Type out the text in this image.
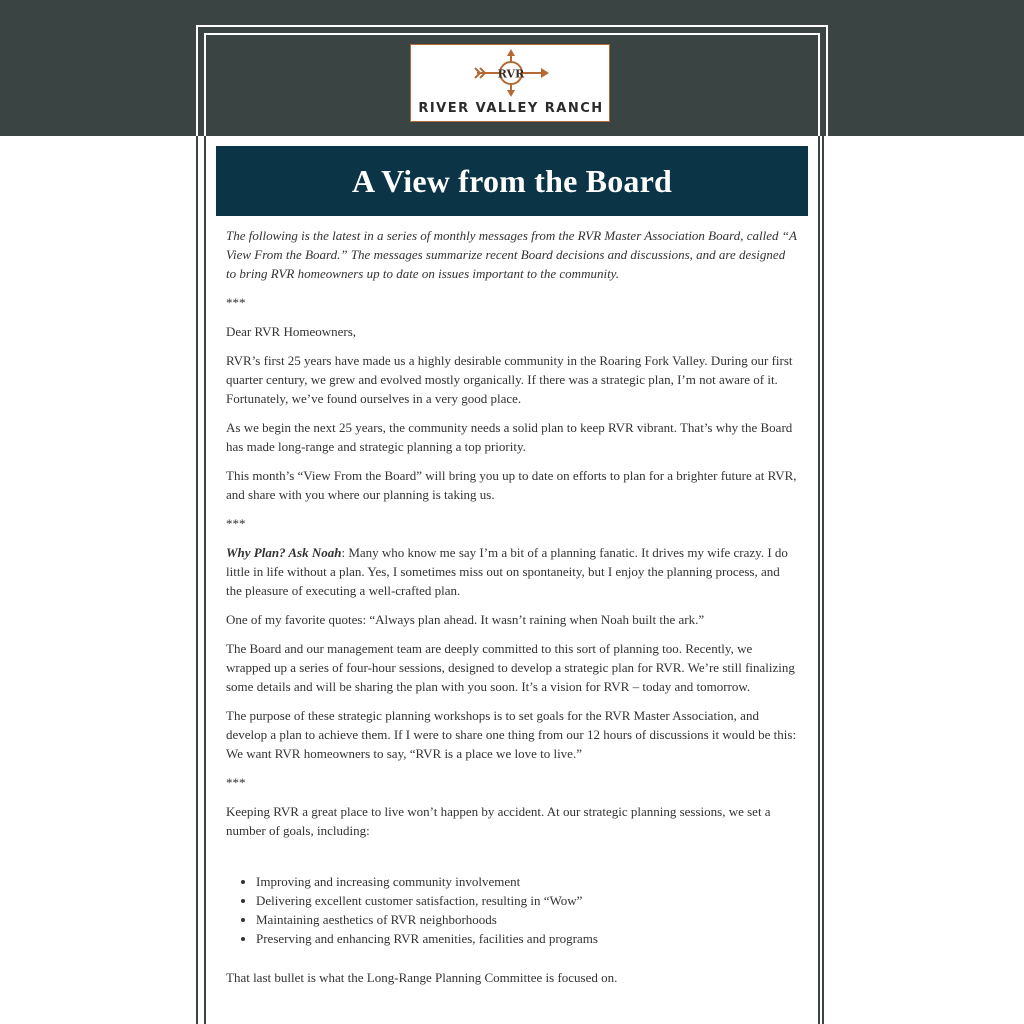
RVR
RIVER VALLEY RANCH
A View from the Board

The following is the latest in a series of monthly messages from the RVR Master Association Board, called “A View From the Board.” The messages summarize recent Board decisions and discussions, and are designed to bring RVR homeowners up to date on issues important to the community.

***

Dear RVR Homeowners,

RVR’s first 25 years have made us a highly desirable community in the Roaring Fork Valley. During our first quarter century, we grew and evolved mostly organically. If there was a strategic plan, I’m not aware of it. Fortunately, we’ve found ourselves in a very good place.

As we begin the next 25 years, the community needs a solid plan to keep RVR vibrant. That’s why the Board has made long-range and strategic planning a top priority.

This month’s “View From the Board” will bring you up to date on efforts to plan for a brighter future at RVR, and share with you where our planning is taking us.

***

Why Plan? Ask Noah: Many who know me say I’m a bit of a planning fanatic. It drives my wife crazy. I do little in life without a plan. Yes, I sometimes miss out on spontaneity, but I enjoy the planning process, and the pleasure of executing a well-crafted plan.

One of my favorite quotes: “Always plan ahead. It wasn’t raining when Noah built the ark.”

The Board and our management team are deeply committed to this sort of planning too. Recently, we wrapped up a series of four-hour sessions, designed to develop a strategic plan for RVR. We’re still finalizing some details and will be sharing the plan with you soon. It’s a vision for RVR – today and tomorrow.

The purpose of these strategic planning workshops is to set goals for the RVR Master Association, and develop a plan to achieve them. If I were to share one thing from our 12 hours of discussions it would be this: We want RVR homeowners to say, “RVR is a place we love to live.”

***

Keeping RVR a great place to live won’t happen by accident. At our strategic planning sessions, we set a number of goals, including:

• Improving and increasing community involvement
• Delivering excellent customer satisfaction, resulting in “Wow”
• Maintaining aesthetics of RVR neighborhoods
• Preserving and enhancing RVR amenities, facilities and programs

That last bullet is what the Long-Range Planning Committee is focused on.
